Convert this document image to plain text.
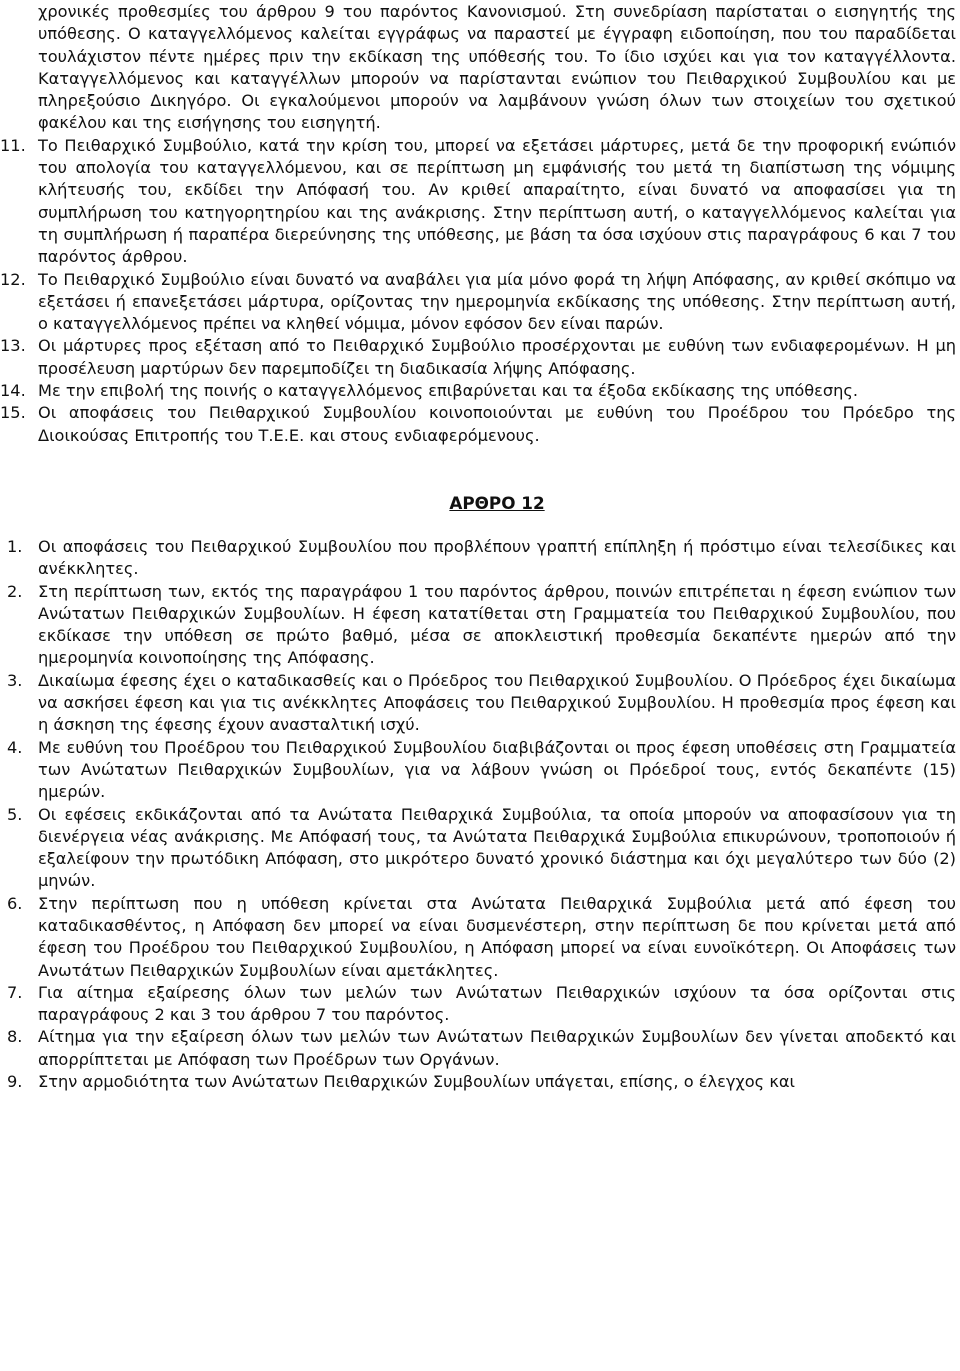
χρονικές προθεσμίες του άρθρου 9 του παρόντος Κανονισμού. Στη συνεδρίαση παρίσταται ο εισηγητής της υπόθεσης. Ο καταγγελλόμενος καλείται εγγράφως να παραστεί με έγγραφη ειδοποίηση, που του παραδίδεται τουλάχιστον πέντε ημέρες πριν την εκδίκαση της υπόθεσής του. Το ίδιο ισχύει και για τον καταγγέλλοντα. Καταγγελλόμενος και καταγγέλλων μπορούν να παρίστανται ενώπιον του Πειθαρχικού Συμβουλίου και με πληρεξούσιο Δικηγόρο. Οι εγκαλούμενοι μπορούν να λαμβάνουν γνώση όλων των στοιχείων του σχετικού φακέλου και της εισήγησης του εισηγητή.

11. Το Πειθαρχικό Συμβούλιο, κατά την κρίση του, μπορεί να εξετάσει μάρτυρες, μετά δε την προφορική ενώπιόν του απολογία του καταγγελλόμενου, και σε περίπτωση μη εμφάνισής του μετά τη διαπίστωση της νόμιμης κλήτευσής του, εκδίδει την Απόφασή του. Αν κριθεί απαραίτητο, είναι δυνατό να αποφασίσει για τη συμπλήρωση του κατηγορητηρίου και της ανάκρισης. Στην περίπτωση αυτή, ο καταγγελλόμενος καλείται για τη συμπλήρωση ή παραπέρα διερεύνησης της υπόθεσης, με βάση τα όσα ισχύουν στις παραγράφους 6 και 7 του παρόντος άρθρου.
12. Το Πειθαρχικό Συμβούλιο είναι δυνατό να αναβάλει για μία μόνο φορά τη λήψη Απόφασης, αν κριθεί σκόπιμο να εξετάσει ή επανεξετάσει μάρτυρα, ορίζοντας την ημερομηνία εκδίκασης της υπόθεσης. Στην περίπτωση αυτή, ο καταγγελλόμενος πρέπει να κληθεί νόμιμα, μόνον εφόσον δεν είναι παρών.
13. Οι μάρτυρες προς εξέταση από το Πειθαρχικό Συμβούλιο προσέρχονται με ευθύνη των ενδιαφερομένων. Η μη προσέλευση μαρτύρων δεν παρεμποδίζει τη διαδικασία λήψης Απόφασης.
14. Με την επιβολή της ποινής ο καταγγελλόμενος επιβαρύνεται και τα έξοδα εκδίκασης της υπόθεσης.
15. Οι αποφάσεις του Πειθαρχικού Συμβουλίου κοινοποιούνται με ευθύνη του Προέδρου του Πρόεδρο της Διοικούσας Επιτροπής του Τ.Ε.Ε. και στους ενδιαφερόμενους.

ΑΡΘΡΟ 12

1. Οι αποφάσεις του Πειθαρχικού Συμβουλίου που προβλέπουν γραπτή επίπληξη ή πρόστιμο είναι τελεσίδικες και ανέκκλητες.
2. Στη περίπτωση των, εκτός της παραγράφου 1 του παρόντος άρθρου, ποινών επιτρέπεται η έφεση ενώπιον των Ανώτατων Πειθαρχικών Συμβουλίων. Η έφεση κατατίθεται στη Γραμματεία του Πειθαρχικού Συμβουλίου, που εκδίκασε την υπόθεση σε πρώτο βαθμό, μέσα σε αποκλειστική προθεσμία δεκαπέντε ημερών από την ημερομηνία κοινοποίησης της Απόφασης.
3. Δικαίωμα έφεσης έχει ο καταδικασθείς και ο Πρόεδρος του Πειθαρχικού Συμβουλίου. Ο Πρόεδρος έχει δικαίωμα να ασκήσει έφεση και για τις ανέκκλητες Αποφάσεις του Πειθαρχικού Συμβουλίου. Η προθεσμία προς έφεση και η άσκηση της έφεσης έχουν ανασταλτική ισχύ.
4. Με ευθύνη του Προέδρου του Πειθαρχικού Συμβουλίου διαβιβάζονται οι προς έφεση υποθέσεις στη Γραμματεία των Ανώτατων Πειθαρχικών Συμβουλίων, για να λάβουν γνώση οι Πρόεδροί τους, εντός δεκαπέντε (15) ημερών.
5. Οι εφέσεις εκδικάζονται από τα Ανώτατα Πειθαρχικά Συμβούλια, τα οποία μπορούν να αποφασίσουν για τη διενέργεια νέας ανάκρισης. Με Απόφασή τους, τα Ανώτατα Πειθαρχικά Συμβούλια επικυρώνουν, τροποποιούν ή εξαλείφουν την πρωτόδικη Απόφαση, στο μικρότερο δυνατό χρονικό διάστημα και όχι μεγαλύτερο των δύο (2) μηνών.
6. Στην περίπτωση που η υπόθεση κρίνεται στα Ανώτατα Πειθαρχικά Συμβούλια μετά από έφεση του καταδικασθέντος, η Απόφαση δεν μπορεί να είναι δυσμενέστερη, στην περίπτωση δε που κρίνεται μετά από έφεση του Προέδρου του Πειθαρχικού Συμβουλίου, η Απόφαση μπορεί να είναι ευνοϊκότερη. Οι Αποφάσεις των Ανωτάτων Πειθαρχικών Συμβουλίων είναι αμετάκλητες.
7. Για αίτημα εξαίρεσης όλων των μελών των Ανώτατων Πειθαρχικών ισχύουν τα όσα ορίζονται στις παραγράφους 2 και 3 του άρθρου 7 του παρόντος.
8. Αίτημα για την εξαίρεση όλων των μελών των Ανώτατων Πειθαρχικών Συμβουλίων δεν γίνεται αποδεκτό και απορρίπτεται με Απόφαση των Προέδρων των Οργάνων.
9. Στην αρμοδιότητα των Ανώτατων Πειθαρχικών Συμβουλίων υπάγεται, επίσης, ο έλεγχος και
